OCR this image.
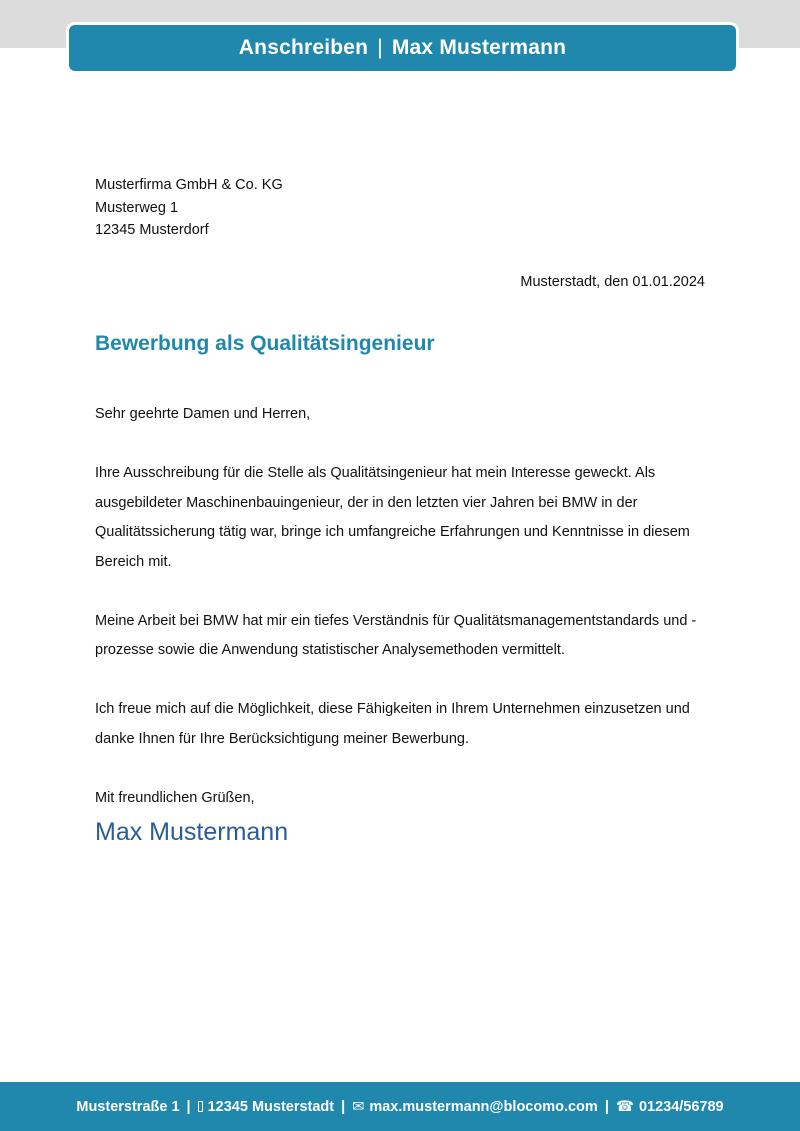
Anschreiben | Max Mustermann
Musterfirma GmbH & Co. KG
Musterweg 1
12345 Musterdorf
Musterstadt, den 01.01.2024
Bewerbung als Qualitätsingenieur

Sehr geehrte Damen und Herren,

Ihre Ausschreibung für die Stelle als Qualitätsingenieur hat mein Interesse geweckt. Als ausgebildeter Maschinenbauingenieur, der in den letzten vier Jahren bei BMW in der Qualitätssicherung tätig war, bringe ich umfangreiche Erfahrungen und Kenntnisse in diesem Bereich mit.

Meine Arbeit bei BMW hat mir ein tiefes Verständnis für Qualitätsmanagementstandards und -prozesse sowie die Anwendung statistischer Analysemethoden vermittelt.

Ich freue mich auf die Möglichkeit, diese Fähigkeiten in Ihrem Unternehmen einzusetzen und danke Ihnen für Ihre Berücksichtigung meiner Bewerbung.

Mit freundlichen Grüßen,

Max Mustermann
Musterstraße 1 | 12345 Musterstadt | ✉ max.mustermann@blocomo.com | ☎ 01234/56789
